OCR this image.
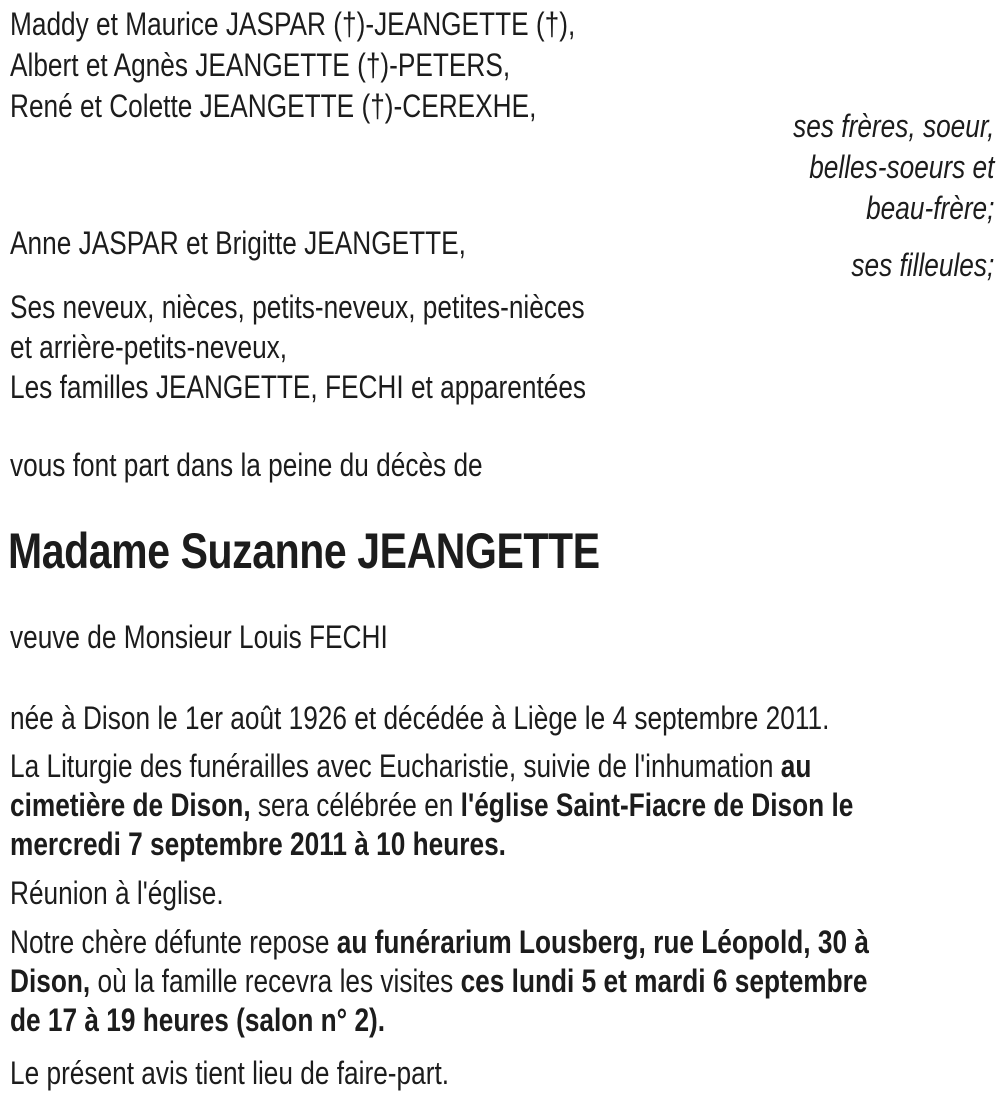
Maddy et Maurice JASPAR (†)-JEANGETTE (†),
Albert et Agnès JEANGETTE (†)-PETERS,
René et Colette JEANGETTE (†)-CEREXHE,
ses frères, soeur,
belles-soeurs et
beau-frère;
Anne JASPAR et Brigitte JEANGETTE,
ses filleules;
Ses neveux, nièces, petits-neveux, petites-nièces
et arrière-petits-neveux,
Les familles JEANGETTE, FECHI et apparentées
vous font part dans la peine du décès de
Madame Suzanne JEANGETTE
veuve de Monsieur Louis FECHI
née à Dison le 1er août 1926 et décédée à Liège le 4 septembre 2011.
La Liturgie des funérailles avec Eucharistie, suivie de l'inhumation au
cimetière de Dison, sera célébrée en l'église Saint-Fiacre de Dison le
mercredi 7 septembre 2011 à 10 heures.
Réunion à l'église.
Notre chère défunte repose au funérarium Lousberg, rue Léopold, 30 à
Dison, où la famille recevra les visites ces lundi 5 et mardi 6 septembre
de 17 à 19 heures (salon n° 2).
Le présent avis tient lieu de faire-part.
